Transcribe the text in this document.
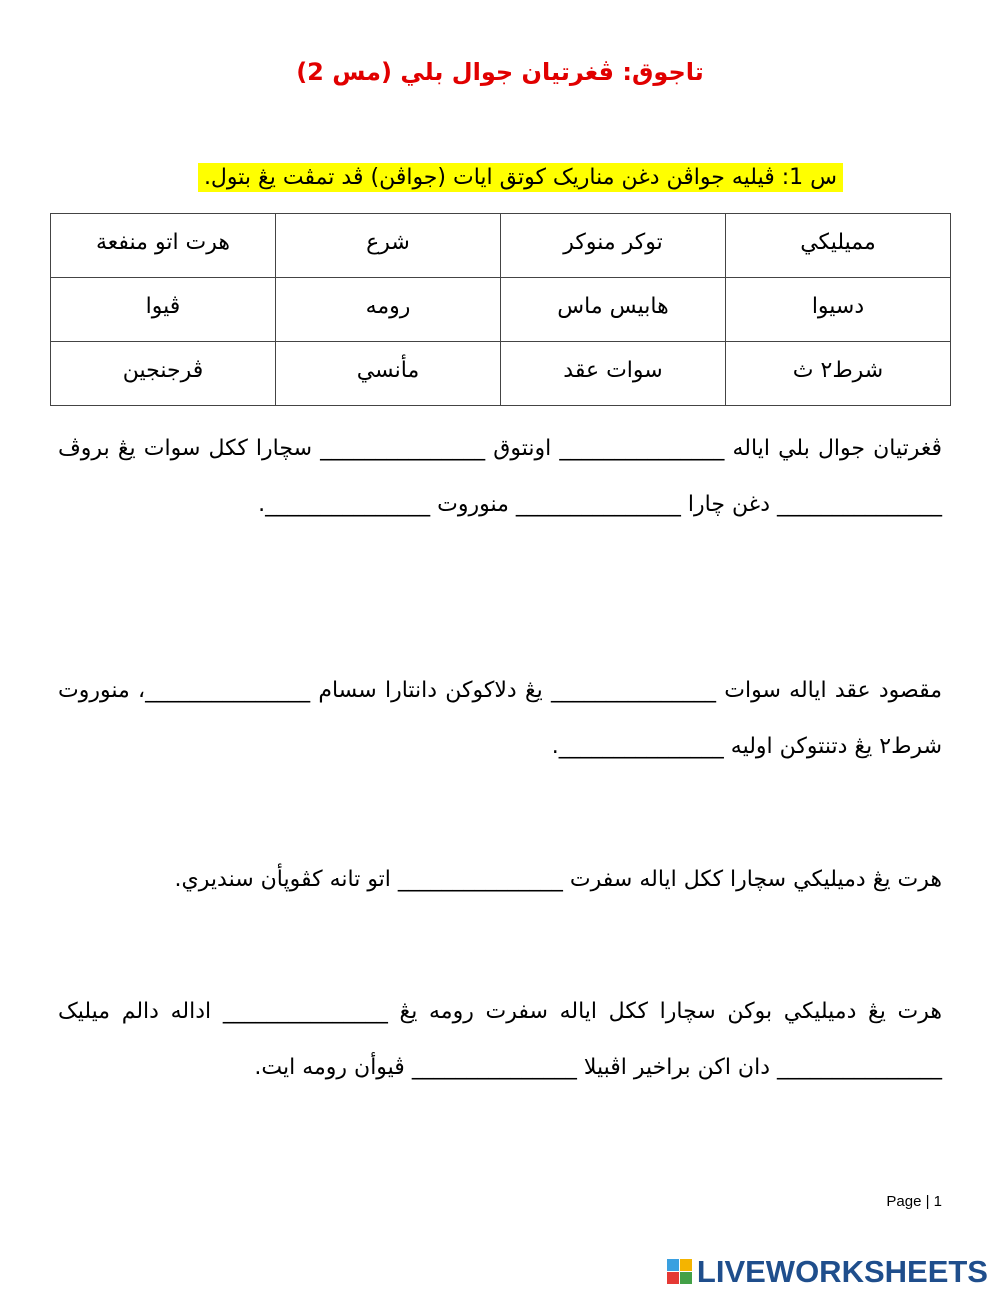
تاجوق: ڤغرتيان جوال بلي (مس 2)
س 1: ڤيليه جواڤن دغن مناريک کوتق ايات (جواڤن) ڤد تمڤت يڠ بتول.
مميليكي	توكر منوكر	شرع	هرت اتو منفعة
دسيوا	هابيس ماس	رومه	ڤيوا
شرط٢ ث	سوات عقد	مأنسي	ڤرجنجين
ڤغرتيان جوال بلي اياله _______________ اونتوق _______________ سچارا ككل سوات يڠ بروڤ _______________ دغن چارا _______________ منوروت _______________.
مقصود عقد اياله سوات _______________ يڠ دلاكوكن دانتارا سسام _______________، منوروت شرط٢ يڠ دتنتوكن اوليه _______________.
هرت يڠ دميليكي سچارا ككل اياله سفرت _______________ اتو تانه كڤوپأن سنديري.
هرت يڠ دميليكي بوكن سچارا ككل اياله سفرت رومه يڠ _______________ اداله دالم ميليک _______________ دان اكن براخير اڤبيلا _______________ ڤيوأن رومه ايت.
Page | 1
LIVEWORKSHEETS
